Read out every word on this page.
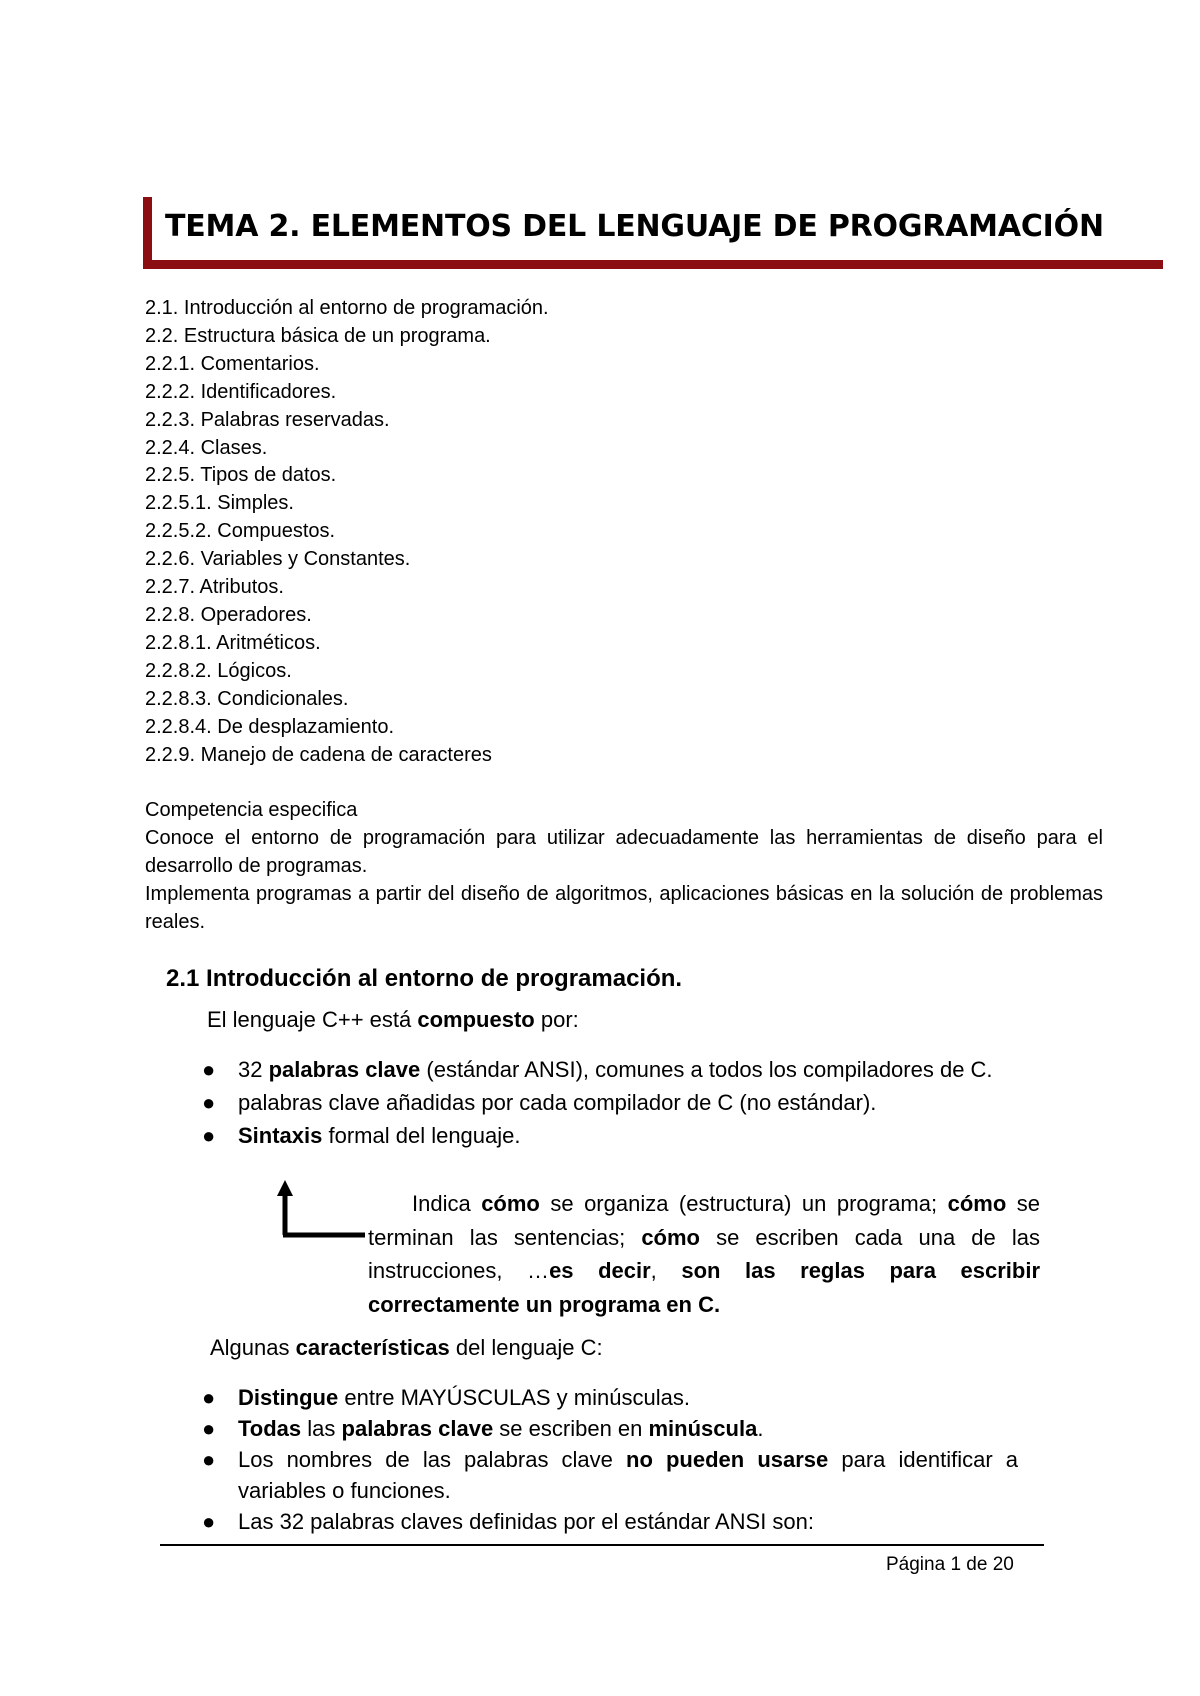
TEMA 2. ELEMENTOS DEL LENGUAJE DE PROGRAMACIÓN
2.1. Introducción al entorno de programación.
2.2. Estructura básica de un programa.
2.2.1. Comentarios.
2.2.2. Identificadores.
2.2.3. Palabras reservadas.
2.2.4. Clases.
2.2.5. Tipos de datos.
2.2.5.1. Simples.
2.2.5.2. Compuestos.
2.2.6. Variables y Constantes.
2.2.7. Atributos.
2.2.8. Operadores.
2.2.8.1. Aritméticos.
2.2.8.2. Lógicos.
2.2.8.3. Condicionales.
2.2.8.4. De desplazamiento.
2.2.9. Manejo de cadena de caracteres
Competencia especifica
Conoce el entorno de programación para utilizar adecuadamente las herramientas de diseño para el desarrollo de programas.
Implementa programas a partir del diseño de algoritmos, aplicaciones básicas en la solución de problemas reales.
2.1 Introducción al entorno de programación.
El lenguaje C++ está compuesto por:
● 32 palabras clave (estándar ANSI), comunes a todos los compiladores de C.
● palabras clave añadidas por cada compilador de C (no estándar).
● Sintaxis formal del lenguaje.
Indica cómo se organiza (estructura) un programa; cómo se terminan las sentencias; cómo se escriben cada una de las instrucciones, …es decir, son las reglas para escribir correctamente un programa en C.
Algunas características del lenguaje C:
● Distingue entre MAYÚSCULAS y minúsculas.
● Todas las palabras clave se escriben en minúscula.
● Los nombres de las palabras clave no pueden usarse para identificar a variables o funciones.
● Las 32 palabras claves definidas por el estándar ANSI son:
Página 1 de 20
